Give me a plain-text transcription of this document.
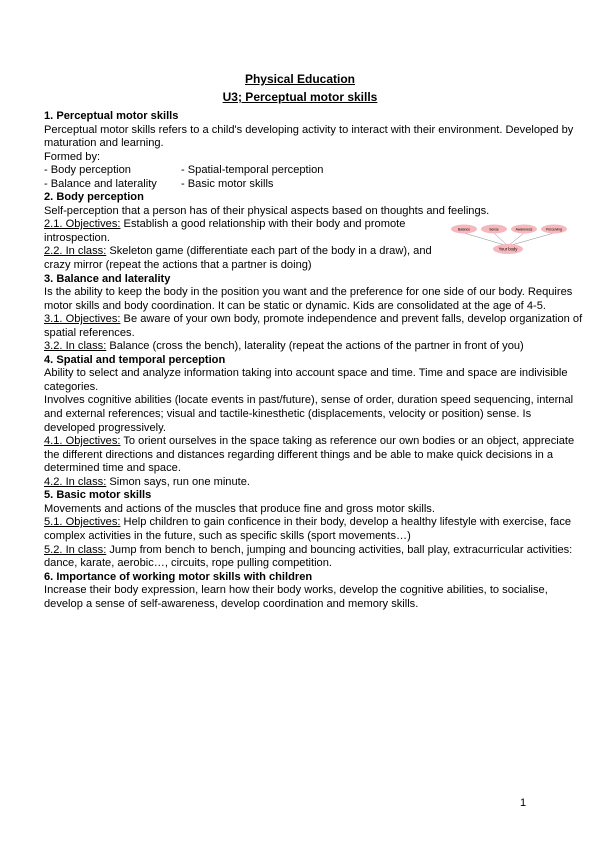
Physical Education
U3; Perceptual motor skills

1. Perceptual motor skills

Perceptual motor skills refers to a child's developing activity to interact with their environment. Developed by maturation and learning.

Formed by:

- Body perception	- Spatial-temporal perception
- Balance and laterality	- Basic motor skills

2. Body perception

Self-perception that a person has of their physical aspects based on thoughts and feelings.

2.1. Objectives: Establish a good relationship with their body and promote introspection.

2.2. In class: Skeleton game (differentiate each part of the body in a draw), and crazy mirror (repeat the actions that a partner is doing)

3. Balance and laterality

Is the ability to keep the body in the position you want and the preference for one side of our body. Requires motor skills and body coordination. It can be static or dynamic. Kids are consolidated at the age of 4-5.

3.1. Objectives: Be aware of your own body, promote independence and prevent falls, develop organization of spatial references.

3.2. In class: Balance (cross the bench), laterality (repeat the actions of the partner in front of you)

4. Spatial and temporal perception

Ability to select and analyze information taking into account space and time. Time and space are indivisible categories.

Involves cognitive abilities (locate events in past/future), sense of order, duration speed sequencing, internal and external references; visual and tactile-kinesthetic (displacements, velocity or position) sense. Is developed progressively.

4.1. Objectives: To orient ourselves in the space taking as reference our own bodies or an object, appreciate the different directions and distances regarding different things and be able to make quick decisions in a determined time and space.

4.2. In class: Simon says, run one minute.

5. Basic motor skills

Movements and actions of the muscles that produce fine and gross motor skills.

5.1. Objectives: Help children to gain conficence in their body, develop a healthy lifestyle with exercise, face complex activities in the future, such as specific skills (sport movements…)

5.2. In class: Jump from bench to bench, jumping and bouncing activities, ball play, extracurricular activities: dance, karate, aerobic…, circuits, rope pulling competition.

6. Importance of working motor skills with children

Increase their body expression, learn how their body works, develop the cognitive abilities, to socialise, develop a sense of self-awareness, develop coordination and memory skills.

Balance	Sense	Awareness	Perceiving
Your body
1
